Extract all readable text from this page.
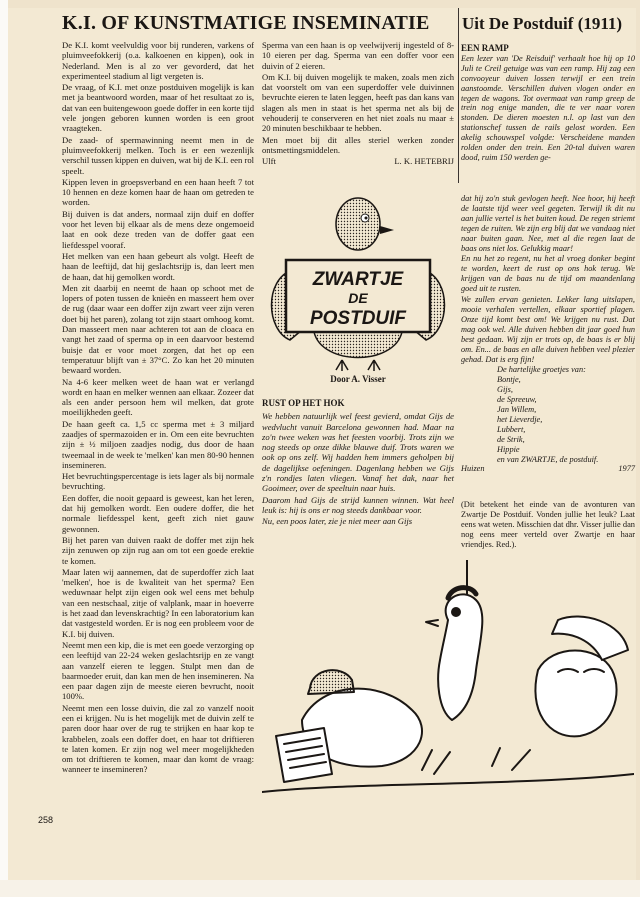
K.I. OF KUNSTMATIGE INSEMINATIE Uit De Postduif (1911)

De K.I. komt veelvuldig voor bij runderen, varkens of pluimveefokkerij (o.a. kalkoenen en kippen), ook in Nederland. Men is al zo ver gevorderd, dat het experimenteel stadium al ligt vergeten is.

De vraag, of K.I. met onze postduiven mogelijk is kan met ja beantwoord worden, maar of het resultaat zo is, dat van een buitengewoon goede doffer in een korte tijd vele jongen geboren kunnen worden is een groot vraagteken.

De zaad- of spermawinning neemt men in de pluimveefokkerij melken. Toch is er een wezenlijk verschil tussen kippen en duiven, wat bij de K.I. een rol speelt.

Kippen leven in groepsverband en een haan heeft 7 tot 10 hennen en deze komen haar de haan om getreden te worden.

Bij duiven is dat anders, normaal zijn duif en doffer voor het leven bij elkaar als de mens deze ongemoeid laat en ook deze treden van de doffer gaat een liefdesspel vooraf.

Het melken van een haan gebeurt als volgt. Heeft de haan de leeftijd, dat hij geslachtsrijp is, dan leert men de haan, dat hij gemolken wordt.

Men zit daarbij en neemt de haan op schoot met de lopers of poten tussen de knieën en masseert hem over de rug (daar waar een doffer zijn zwart veer zijn veren doet bij het paren), zolang tot zijn staart omhoog komt. Dan masseert men naar achteren tot aan de cloaca en vangt het zaad of sperma op in een daarvoor bestemd buisje dat er voor moet zorgen, dat het op een temperatuur blijft van ± 37°C. Zo kan het 20 minuten bewaard worden.

Na 4-6 keer melken weet de haan wat er verlangd wordt en haan en melker wennen aan elkaar. Zozeer dat als een ander persoon hem wil melken, dat grote moeilijkheden geeft.

De haan geeft ca. 1,5 cc sperma met ± 3 miljard zaadjes of spermazoiden er in. Om een eite bevruchten zijn ± ½ miljoen zaadjes nodig, dus door de haan tweemaal in de week te 'melken' kan men 80-90 hennen insemineren.

Het bevruchtingspercentage is iets lager als bij normale bevruchting.

Een doffer, die nooit gepaard is geweest, kan het leren, dat hij gemolken wordt. Een oudere doffer, die het normale liefdesspel kent, geeft zich niet gauw gewonnen.

Bij het paren van duiven raakt de doffer met zijn hek zijn zenuwen op zijn rug aan om tot een goede erektie te komen.

Maar laten wij aannemen, dat de superdoffer zich laat 'melken', hoe is de kwaliteit van het sperma? Een weduwnaar helpt zijn eigen ook wel eens met behulp van een nestschaal, zitje of valplank, maar in hoeverre is het zaad dan levenskrachtig? In een laboratorium kan dat vastgesteld worden. Er is nog een probleem voor de K.I. bij duiven.

Neemt men een kip, die is met een goede verzorging op een leeftijd van 22-24 weken geslachtsrijp en ze vangt aan vanzelf eieren te leggen. Stulpt men dan de baarmoeder eruit, dan kan men de hen insemineren. Na een paar dagen zijn de meeste eieren bevrucht, nooit 100%.

Neemt men een losse duivin, die zal zo vanzelf nooit een ei krijgen. Nu is het mogelijk met de duivin zelf te paren door haar over de rug te strijken en haar kop te krabbelen, zoals een doffer doet, en haar tot driftieren te laten komen. Er zijn nog wel meer mogelijkheden om tot driftieren te komen, maar dan komt de vraag: wanneer te insemineren?

Sperma van een haan is op veelwijverij ingesteld of 8-10 eieren per dag. Sperma van een doffer voor een duivin of 2 eieren.

Om K.I. bij duiven mogelijk te maken, zoals men zich dat voorstelt om van een superdoffer vele duivinnen bevruchte eieren te laten leggen, heeft pas dan kans van slagen als men in staat is het sperma net als bij de vehouderij te conserveren en het niet zoals nu maar ± 20 minuten beschikbaar te hebben.

Men moet bij dit alles steriel werken zonder ontsmettingsmiddelen.

Ulft	L. K. HETEBRIJ
ZWARTJE
DE
POSTDUIF
Door A. Visser
RUST OP HET HOK

We hebben natuurlijk wel feest gevierd, omdat Gijs de wedvlucht vanuit Barcelona gewonnen had. Maar na zo'n twee weken was het feesten voorbij. Trots zijn we nog steeds op onze dikke blauwe duif. Trots waren we ook op ons zelf. Wij hadden hem immers geholpen bij de dagelijkse oefeningen. Dagenlang hebben we Gijs z'n rondjes laten vliegen. Vanaf het dak, naar het Gooimeer, over de speeltuin naar huis.

Daarom had Gijs de strijd kunnen winnen. Wat heel leuk is: hij is ons er nog steeds dankbaar voor.

Nu, een poos later, zie je niet meer aan Gijs

EEN RAMP

Een lezer van 'De Reisduif' verhaalt hoe hij op 10 Juli te Creil getuige was van een ramp. Hij zag een convooyeur duiven lossen terwijl er een trein aanstoomde. Verschillen duiven vlogen onder en tegen de wagons. Tot overmaat van ramp greep de trein nog enige manden, die te ver naar voren stonden. De dieren moesten n.l. op last van den stationschef tussen de rails gelost worden. Een akelig schouwspel volgde: Verscheidene manden rolden onder den trein. Een 20-tal duiven waren dood, ruim 150 werden ge-

dat hij zo'n stuk gevlogen heeft. Nee hoor, hij heeft de laatste tijd weer veel gegeten. Terwijl ik dit nu aan jullie vertel is het buiten koud. De regen striemt tegen de ruiten. We zijn erg blij dat we vandaag niet naar buiten gaan. Nee, met al die regen laat de baas ons niet los. Gelukkig maar!

En nu het zo regent, nu het al vroeg donker begint te worden, keert de rust op ons hok terug. We krijgen van de baas nu de tijd om maandenlang goed uit te rusten.

We zullen ervan genieten. Lekker lang uitslapen, mooie verhalen vertellen, elkaar sportief plagen. Onze tijd komt best om! We krijgen nu rust. Dat mag ook wel. Alle duiven hebben dit jaar goed hun best gedaan. Wij zijn er trots op, de baas is er blij om. En... de baas en alle duiven hebben veel plezier gehad. Dat is erg fijn!

De hartelijke groetjes van:
Bontje,
Gijs,
de Spreeuw,
Jan Willem,
het Lieverdje,
Lubbert,
de Strik,
Hippie
en van ZWARTJE, de postduif.
Huizen	1977

(Dit betekent het einde van de avonturen van Zwartje De Postduif. Vonden jullie het leuk? Laat eens wat weten. Misschien dat dhr. Visser jullie dan nog eens meer verteld over Zwartje en haar vriendjes. Red.).

258
